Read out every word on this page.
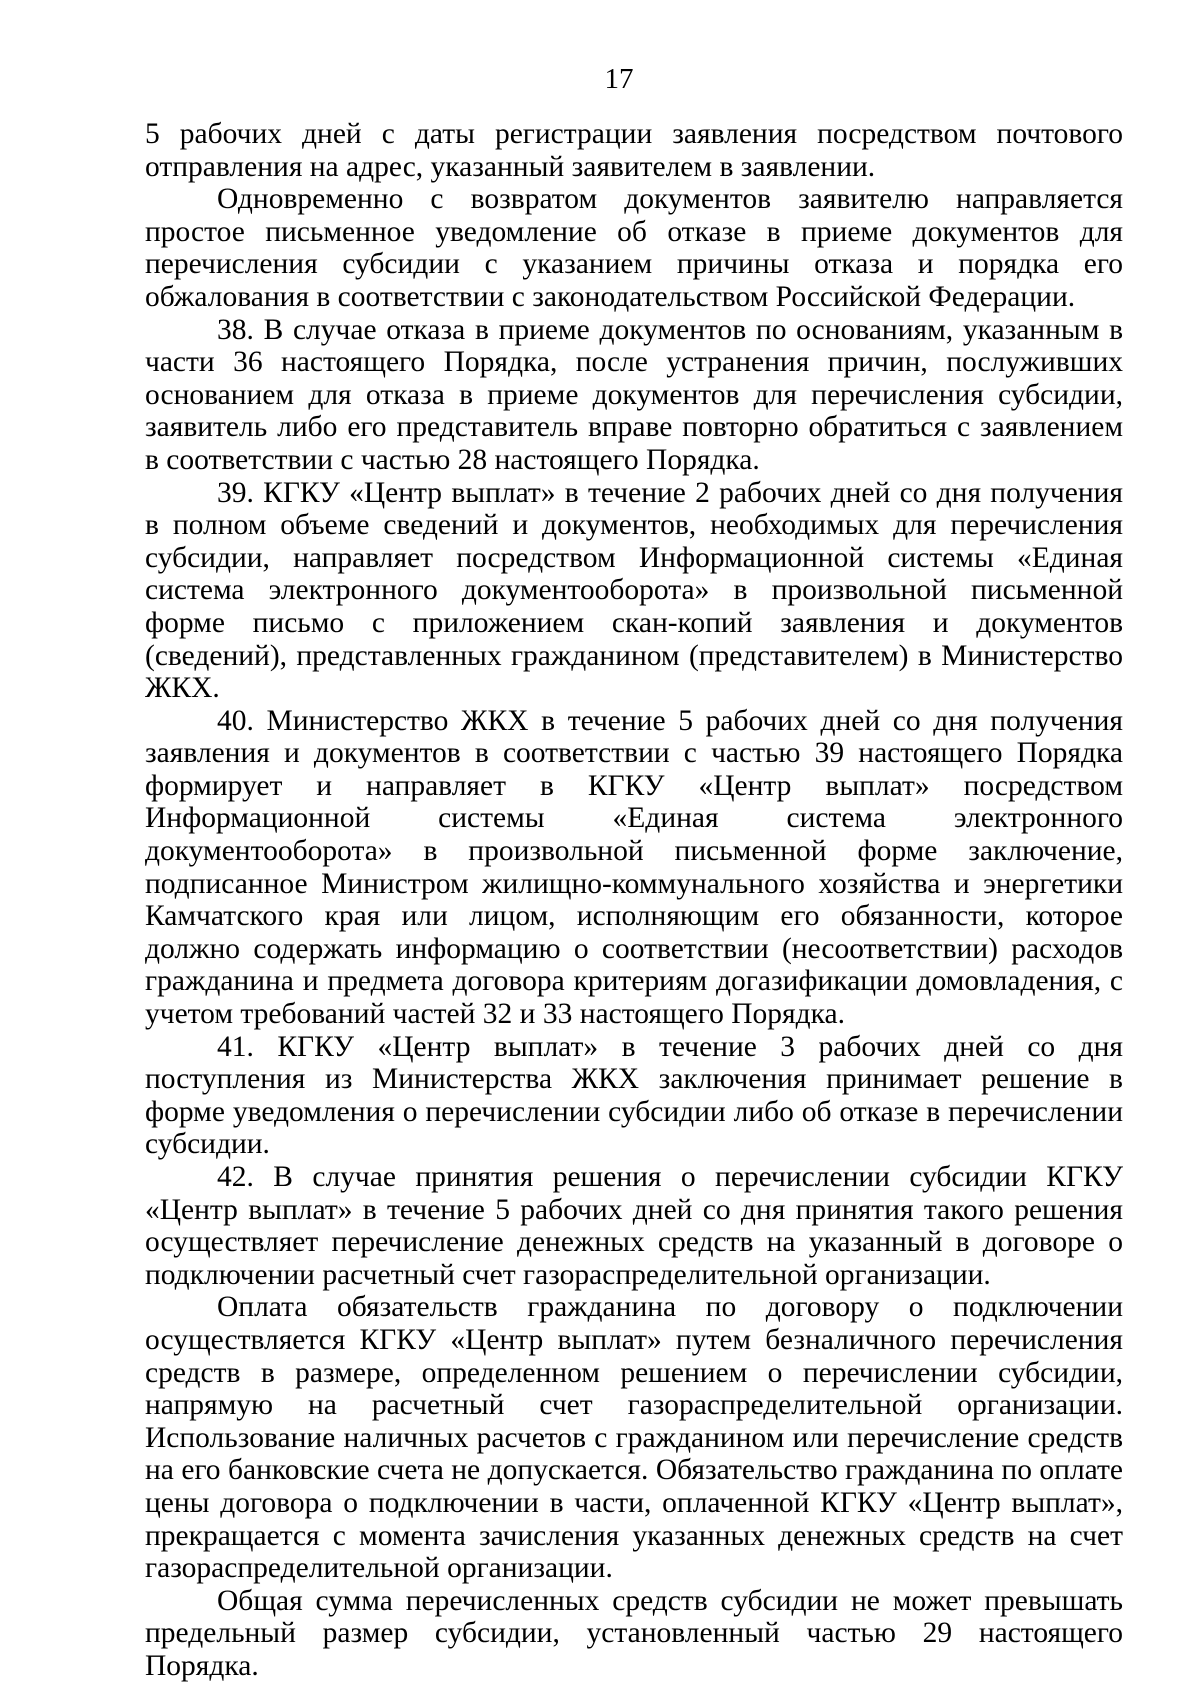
17

5 рабочих дней с даты регистрации заявления посредством почтового отправления на адрес, указанный заявителем в заявлении.

Одновременно с возвратом документов заявителю направляется простое письменное уведомление об отказе в приеме документов для перечисления субсидии с указанием причины отказа и порядка его обжалования в соответствии с законодательством Российской Федерации.

38. В случае отказа в приеме документов по основаниям, указанным в части 36 настоящего Порядка, после устранения причин, послуживших основанием для отказа в приеме документов для перечисления субсидии, заявитель либо его представитель вправе повторно обратиться с заявлением в соответствии с частью 28 настоящего Порядка.

39. КГКУ «Центр выплат» в течение 2 рабочих дней со дня получения в полном объеме сведений и документов, необходимых для перечисления субсидии, направляет посредством Информационной системы «Единая система электронного документооборота» в произвольной письменной форме письмо с приложением скан-копий заявления и документов (сведений), представленных гражданином (представителем) в Министерство ЖКХ.

40. Министерство ЖКХ в течение 5 рабочих дней со дня получения заявления и документов в соответствии с частью 39 настоящего Порядка формирует и направляет в КГКУ «Центр выплат» посредством Информационной системы «Единая система электронного документооборота» в произвольной письменной форме заключение, подписанное Министром жилищно-коммунального хозяйства и энергетики Камчатского края или лицом, исполняющим его обязанности, которое должно содержать информацию о соответствии (несоответствии) расходов гражданина и предмета договора критериям догазификации домовладения, с учетом требований частей 32 и 33 настоящего Порядка.

41. КГКУ «Центр выплат» в течение 3 рабочих дней со дня поступления из Министерства ЖКХ заключения принимает решение в форме уведомления о перечислении субсидии либо об отказе в перечислении субсидии.

42. В случае принятия решения о перечислении субсидии КГКУ «Центр выплат» в течение 5 рабочих дней со дня принятия такого решения осуществляет перечисление денежных средств на указанный в договоре о подключении расчетный счет газораспределительной организации.

Оплата обязательств гражданина по договору о подключении осуществляется КГКУ «Центр выплат» путем безналичного перечисления средств в размере, определенном решением о перечислении субсидии, напрямую на расчетный счет газораспределительной организации. Использование наличных расчетов с гражданином или перечисление средств на его банковские счета не допускается. Обязательство гражданина по оплате цены договора о подключении в части, оплаченной КГКУ «Центр выплат», прекращается с момента зачисления указанных денежных средств на счет газораспределительной организации.

Общая сумма перечисленных средств субсидии не может превышать предельный размер субсидии, установленный частью 29 настоящего Порядка.
